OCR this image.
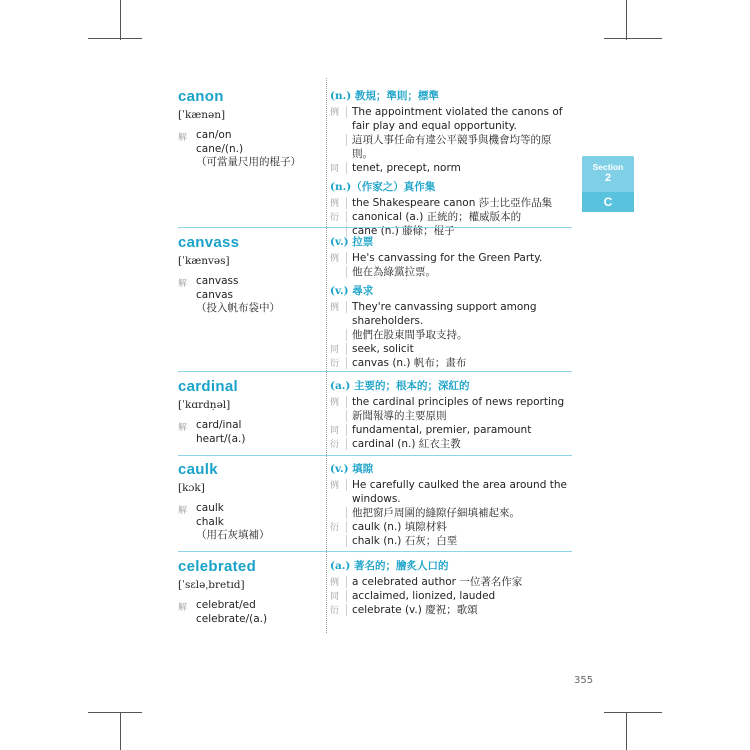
canon
[ˈkænən]
解 can/on
cane/(n.)
（可當量尺用的棍子）
(n.) 教規；準則；標準
例	The appointment violated the canons of fair play and equal opportunity.
這項人事任命有違公平競爭與機會均等的原則。
同	tenet, precept, norm
(n.)（作家之）真作集
例	the Shakespeare canon 莎士比亞作品集
衍	canonical (a.) 正統的；權威版本的
cane (n.) 藤條；棍子
canvass
[ˈkænvəs]
解 canvass
canvas
（投入帆布袋中）
(v.) 拉票
例	He's canvassing for the Green Party.
他在為綠黨拉票。
(v.) 尋求
例	They're canvassing support among shareholders.
他們在股東間爭取支持。
同	seek, solicit
衍	canvas (n.) 帆布；畫布
cardinal
[ˈkɑrdṇəl]
解 card/inal
heart/(a.)
(a.) 主要的；根本的；深紅的
例	the cardinal principles of news reporting
新聞報導的主要原則
同	fundamental, premier, paramount
衍	cardinal (n.) 紅衣主教
caulk
[kɔk]
解 caulk
chalk
（用石灰填補）
(v.) 填隙
例	He carefully caulked the area around the windows.
他把窗戶周圍的縫隙仔細填補起來。
衍	caulk (n.) 填隙材料
chalk (n.) 石灰；白堊
celebrated
[ˈsɛləˌbretɪd]
解 celebrat/ed
celebrate/(a.)
(a.) 著名的；膾炙人口的
例	a celebrated author 一位著名作家
同	acclaimed, lionized, lauded
衍	celebrate (v.) 慶祝；歌頌
Section
2
C
355
